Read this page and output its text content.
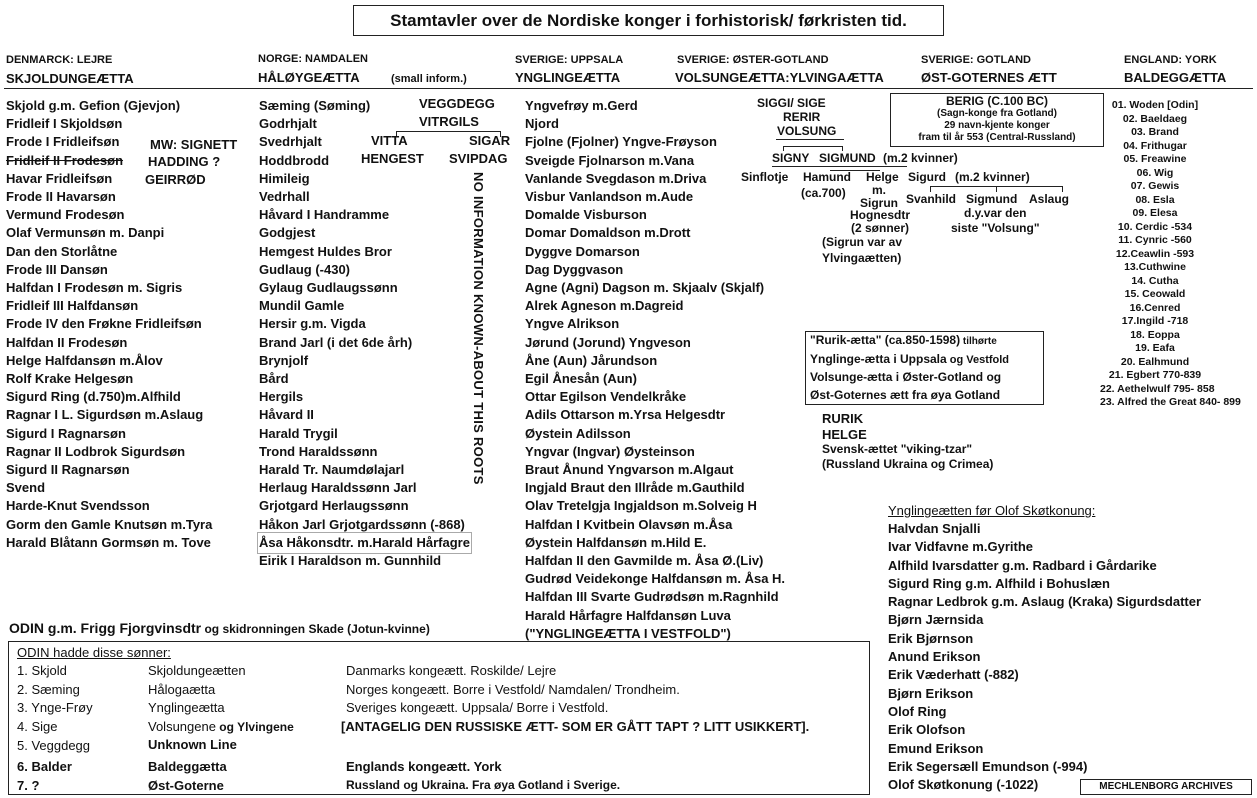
Stamtavler over de Nordiske konger i forhistorisk/ førkristen tid.
DENMARCK: LEJRE
SKJOLDUNGEÆTTA
NORGE: NAMDALEN
HÅLØYGEÆTTA	(small inform.)
SVERIGE: UPPSALA
YNGLINGEÆTTA
SVERIGE: ØSTER-GOTLAND
VOLSUNGEÆTTA:YLVINGAÆTTA
SVERIGE: GOTLAND
ØST-GOTERNES ÆTT
ENGLAND: YORK
BALDEGGÆTTA
Skjold g.m. Gefion (Gjevjon)
Fridleif I Skjoldsøn
Frode I Fridleifsøn
Fridleif II Frodesøn
Havar Fridleifsøn
Frode II Havarsøn
Vermund Frodesøn
Olaf Vermunsøn m. Danpi
Dan den Storlåtne
Frode III Dansøn
Halfdan I Frodesøn m. Sigris
Fridleif III Halfdansøn
Frode IV den Frøkne Fridleifsøn
Halfdan II Frodesøn
Helge Halfdansøn m.Ålov
Rolf Krake Helgesøn
Sigurd Ring (d.750)m.Alfhild
Ragnar I L. Sigurdsøn m.Aslaug
Sigurd I Ragnarsøn
Ragnar II Lodbrok Sigurdsøn
Sigurd II Ragnarsøn
Svend
Harde-Knut Svendsson
Gorm den Gamle Knutsøn m.Tyra
Harald Blåtann Gormsøn m. Tove
MW: SIGNETT
HADDING ?
GEIRRØD
Sæming (Søming)
Godrhjalt
Svedrhjalt
Hoddbrodd
Himileig
Vedrhall
Håvard I Handramme
Godgjest
Hemgest Huldes Bror
Gudlaug (-430)
Gylaug Gudlaugssønn
Mundil Gamle
Hersir g.m. Vigda
Brand Jarl (i det 6de årh)
Brynjolf
Bård
Hergils
Håvard II
Harald Trygil
Trond Haraldssønn
Harald Tr. Naumdølajarl
Herlaug Haraldssønn Jarl
Grjotgard Herlaugssønn
Håkon Jarl Grjotgardssønn (-868)
Åsa Håkonsdtr. m.Harald Hårfagre
Eirik I Haraldson m. Gunnhild
VEGGDEGG
VITRGILS
VITTA	SIGAR
HENGEST SVIPDAG
NO INFORMATION KNOWN-ABOUT THIS ROOTS
Yngvefrøy m.Gerd
Njord
Fjolne (Fjolner) Yngve-Frøyson
Sveigde Fjolnarson m.Vana
Vanlande Svegdason m.Driva
Visbur Vanlandson m.Aude
Domalde Visburson
Domar Domaldson m.Drott
Dyggve Domarson
Dag Dyggvason
Agne (Agni) Dagson m. Skjaalv (Skjalf)
Alrek Agneson m.Dagreid
Yngve Alrikson
Jørund (Jorund) Yngveson
Åne (Aun) Jårundson
Egil Ånesån (Aun)
Ottar Egilson Vendelkråke
Adils Ottarson m.Yrsa Helgesdtr
Øystein Adilsson
Yngvar (Ingvar) Øysteinson
Braut Ånund Yngvarson m.Algaut
Ingjald Braut den Illråde m.Gauthild
Olav Tretelgja Ingjaldson m.Solveig H
Halfdan I Kvitbein Olavsøn m.Åsa
Øystein Halfdansøn m.Hild E.
Halfdan II den Gavmilde m. Åsa Ø.(Liv)
Gudrød Veidekonge Halfdansøn m. Åsa H.
Halfdan III Svarte Gudrødsøn m.Ragnhild
Harald Hårfagre Halfdansøn Luva
("YNGLINGEÆTTA I VESTFOLD")
SIGGI/ SIGE
RERIR
VOLSUNG
SIGNY SIGMUND (m.2 kvinner)
Sinflotje Hamund
(ca.700)
Helge
m.
Sigrun
Hognesdtr
(2 sønner)
(Sigrun var av
Ylvingaætten)
Sigurd (m.2 kvinner)
Svanhild Sigmund Aslaug
d.y.var den
siste "Volsung"
BERIG (C.100 BC)
(Sagn-konge fra Gotland)
29 navn-kjente konger
fram til år 553 (Central-Russland)
"Rurik-ætta" (ca.850-1598) tilhørte
Ynglinge-ætta i Uppsala og Vestfold
Volsunge-ætta i Øster-Gotland og
Øst-Goternes ætt fra øya Gotland
RURIK
HELGE
Svensk-ættet "viking-tzar"
(Russland Ukraina og Crimea)
01. Woden [Odin]
02. Baeldaeg
03. Brand
04. Frithugar
05. Freawine
06. Wig
07. Gewis
08. Esla
09. Elesa
10. Cerdic -534
11. Cynric -560
12.Ceawlin -593
13.Cuthwine
14. Cutha
15. Ceowald
16.Cenred
17.Ingild -718
18. Eoppa
19. Eafa
20. Ealhmund
21. Egbert 770-839
22. Aethelwulf 795- 858
23. Alfred the Great 840- 899
ODIN g.m. Frigg Fjorgvinsdtr og skidronningen Skade (Jotun-kvinne)
ODIN hadde disse sønner:
1. Skjold	Skjoldungeætten	Danmarks kongeætt. Roskilde/ Lejre
2. Sæming	Hålogaætta	Norges kongeætt. Borre i Vestfold/ Namdalen/ Trondheim.
3. Ynge-Frøy	Ynglingeætta	Sveriges kongeætt. Uppsala/ Borre i Vestfold.
4. Sige	Volsungene og Ylvingene	[ANTAGELIG DEN RUSSISKE ÆTT- SOM ER GÅTT TAPT ? LITT USIKKERT].
5. Veggdegg	Unknown Line
6. Balder	Baldeggætta	Englands kongeætt. York
7. ?	Øst-Goterne	Russland og Ukraina. Fra øya Gotland i Sverige.
Ynglingeætten før Olof Skøtkonung:
Halvdan Snjalli
Ivar Vidfavne m.Gyrithe
Alfhild Ivarsdatter g.m. Radbard i Gårdarike
Sigurd Ring g.m. Alfhild i Bohuslæn
Ragnar Ledbrok g.m. Aslaug (Kraka) Sigurdsdatter
Bjørn Jærnsida
Erik Bjørnson
Anund Erikson
Erik Væderhatt (-882)
Bjørn Erikson
Olof Ring
Erik Olofson
Emund Erikson
Erik Segersæll Emundson (-994)
Olof Skøtkonung (-1022)	MECHLENBORG ARCHIVES
